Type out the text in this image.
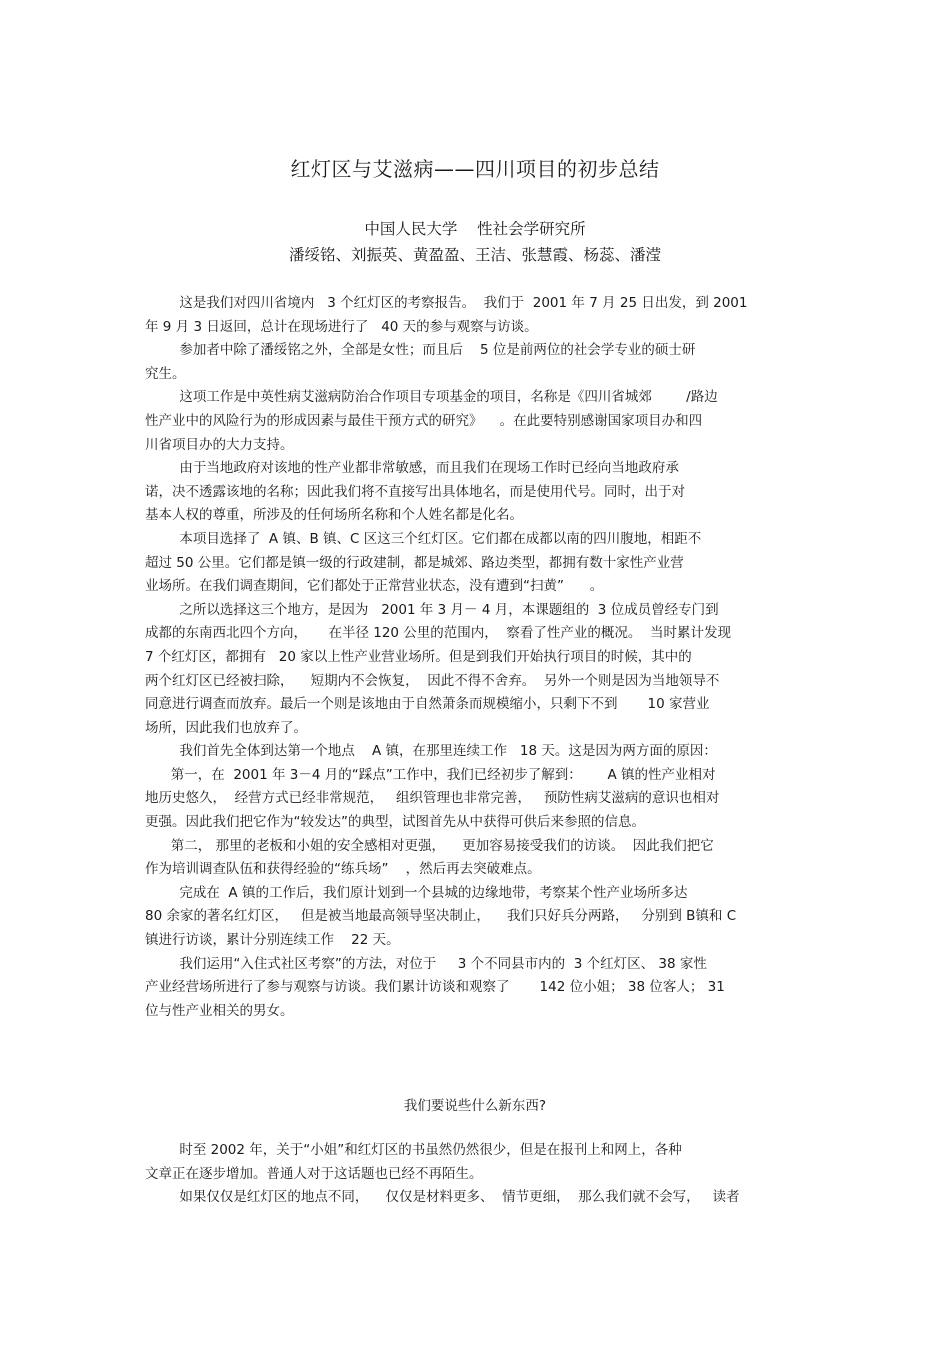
红灯区与艾滋病——四川项目的初步总结
中国人民大学    性社会学研究所
潘绥铭、刘振英、黄盈盈、王洁、张慧霞、杨蕊、潘滢

这是我们对四川省境内   3 个红灯区的考察报告。  我们于  2001 年 7 月 25 日出发，到 2001

年 9 月 3 日返回，总计在现场进行了   40 天的参与观察与访谈。

参加者中除了潘绥铭之外，全部是女性；而且后    5 位是前两位的社会学专业的硕士研

究生。

这项工作是中英性病艾滋病防治合作项目专项基金的项目，名称是《四川省城郊        /路边

性产业中的风险行为的形成因素与最佳干预方式的研究》    。在此要特别感谢国家项目办和四

川省项目办的大力支持。

由于当地政府对该地的性产业都非常敏感，而且我们在现场工作时已经向当地政府承

诺，决不透露该地的名称；因此我们将不直接写出具体地名，而是使用代号。同时，出于对

基本人权的尊重，所涉及的任何场所名称和个人姓名都是化名。

本项目选择了  A 镇、B 镇、C 区这三个红灯区。它们都在成都以南的四川腹地，相距不

超过 50 公里。它们都是镇一级的行政建制，都是城郊、路边类型，都拥有数十家性产业营

业场所。在我们调查期间，它们都处于正常营业状态，没有遭到“扫黄”      。

之所以选择这三个地方，是因为   2001 年 3 月－ 4 月，本课题组的  3 位成员曾经专门到

成都的东南西北四个方向，     在半径 120 公里的范围内，  察看了性产业的概况。  当时累计发现

7 个红灯区，都拥有   20 家以上性产业营业场所。但是到我们开始执行项目的时候，其中的

两个红灯区已经被扫除，    短期内不会恢复，  因此不得不舍弃。  另外一个则是因为当地领导不

同意进行调查而放弃。最后一个则是该地由于自然萧条而规模缩小，只剩下不到       10 家营业

场所，因此我们也放弃了。

我们首先全体到达第一个地点    A 镇，在那里连续工作   18 天。这是因为两方面的原因：

第一，在  2001 年 3－4 月的“踩点”工作中，我们已经初步了解到：      A 镇的性产业相对

地历史悠久，  经营方式已经非常规范，   组织管理也非常完善，   预防性病艾滋病的意识也相对

更强。因此我们把它作为“较发达”的典型，试图首先从中获得可供后来参照的信息。

第二， 那里的老板和小姐的安全感相对更强，    更加容易接受我们的访谈。  因此我们把它

作为培训调查队伍和获得经验的“练兵场”    ，然后再去突破难点。

完成在  A 镇的工作后，我们原计划到一个县城的边缘地带，考察某个性产业场所多达

80 余家的著名红灯区，   但是被当地最高领导坚决制止，    我们只好兵分两路，   分别到 B镇和 C

镇进行访谈，累计分别连续工作    22 天。

我们运用“入住式社区考察”的方法，对位于     3 个不同县市内的  3 个红灯区、 38 家性

产业经营场所进行了参与观察与访谈。我们累计访谈和观察了       142 位小姐； 38 位客人； 31

位与性产业相关的男女。

我们要说些什么新东西?

时至 2002 年，关于“小姐”和红灯区的书虽然仍然很少，但是在报刊上和网上，各种

文章正在逐步增加。普通人对于这话题也已经不再陌生。

如果仅仅是红灯区的地点不同，    仅仅是材料更多、  情节更细，  那么我们就不会写，   读者
